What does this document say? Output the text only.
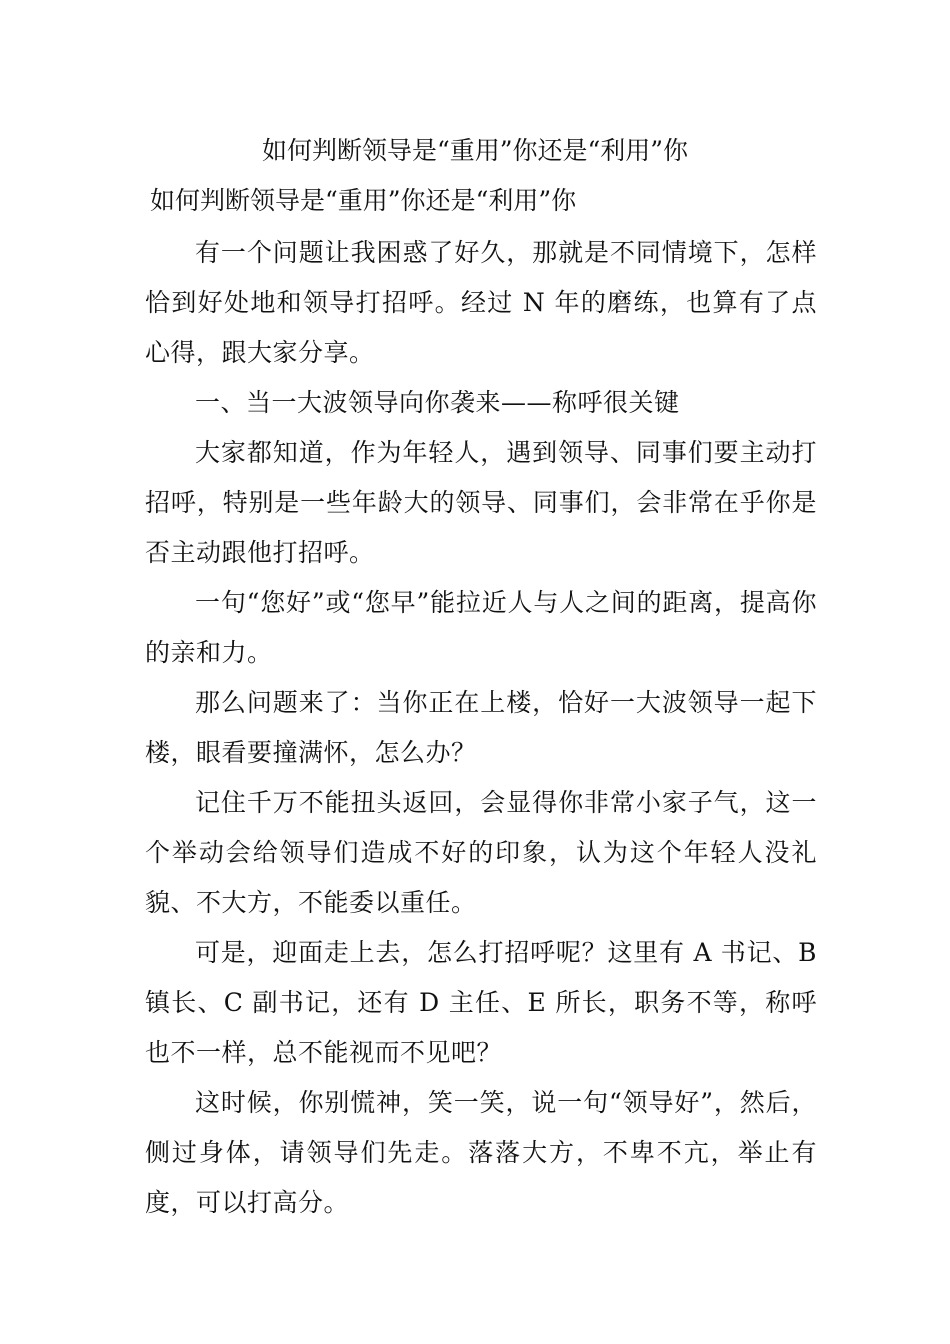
如何判断领导是“重用”你还是“利用”你
如何判断领导是“重用”你还是“利用”你

有一个问题让我困惑了好久，那就是不同情境下，怎样恰到好处地和领导打招呼。经过 N 年的磨练，也算有了点心得，跟大家分享。

一、当一大波领导向你袭来——称呼很关键

大家都知道，作为年轻人，遇到领导、同事们要主动打招呼，特别是一些年龄大的领导、同事们，会非常在乎你是否主动跟他打招呼。

一句“您好”或“您早”能拉近人与人之间的距离，提高你的亲和力。

那么问题来了：当你正在上楼，恰好一大波领导一起下楼，眼看要撞满怀，怎么办？

记住千万不能扭头返回，会显得你非常小家子气，这一个举动会给领导们造成不好的印象，认为这个年轻人没礼貌、不大方，不能委以重任。

可是，迎面走上去，怎么打招呼呢？这里有 A 书记、B 镇长、C 副书记，还有 D 主任、E 所长，职务不等，称呼也不一样，总不能视而不见吧？

这时候，你别慌神，笑一笑，说一句“领导好”，然后，侧过身体，请领导们先走。落落大方，不卑不亢，举止有度，可以打高分。
